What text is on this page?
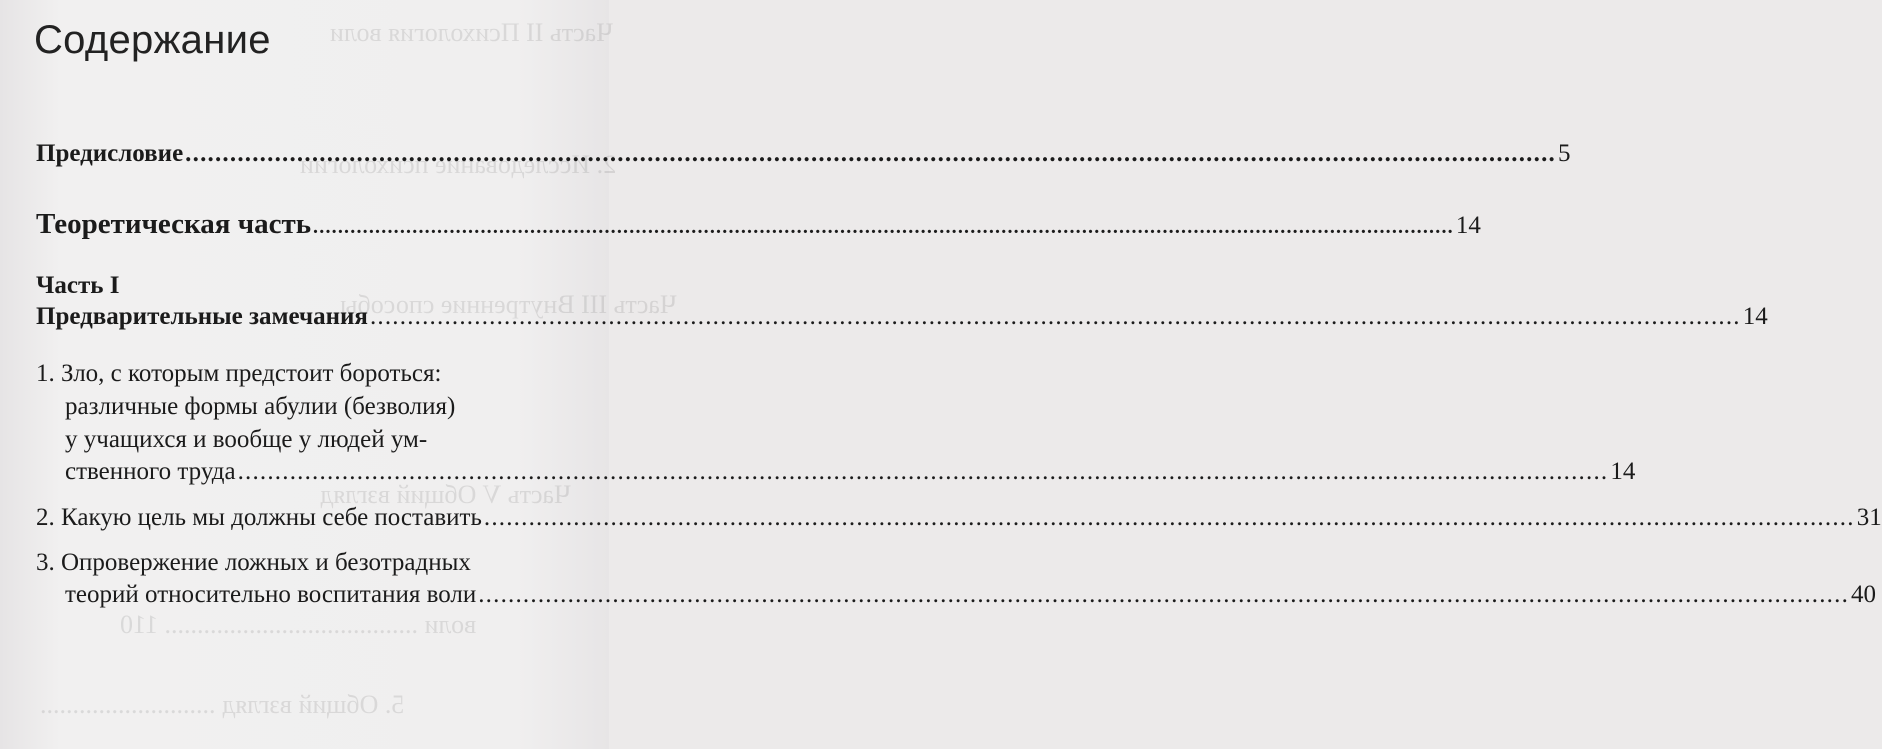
Часть II Психология воли
2. Исследование психологии
Часть III Внутренние способы
Часть V Общий взгляд
воли ....................................... 110
5. Общий взгляд ...........................
Содержание
Предисловие .....	5
Теоретическая часть .....	14
Часть I
Предварительные замечания .....	14
1. Зло, с которым предстоит бороться:
различные формы абулии (безволия)
у учащихся и вообще у людей ум-
ственного труда .....	14
2. Какую цель мы должны себе поставить .....	31
3. Опровержение ложных и безотрадных
теорий относительно воспитания воли .....	40
